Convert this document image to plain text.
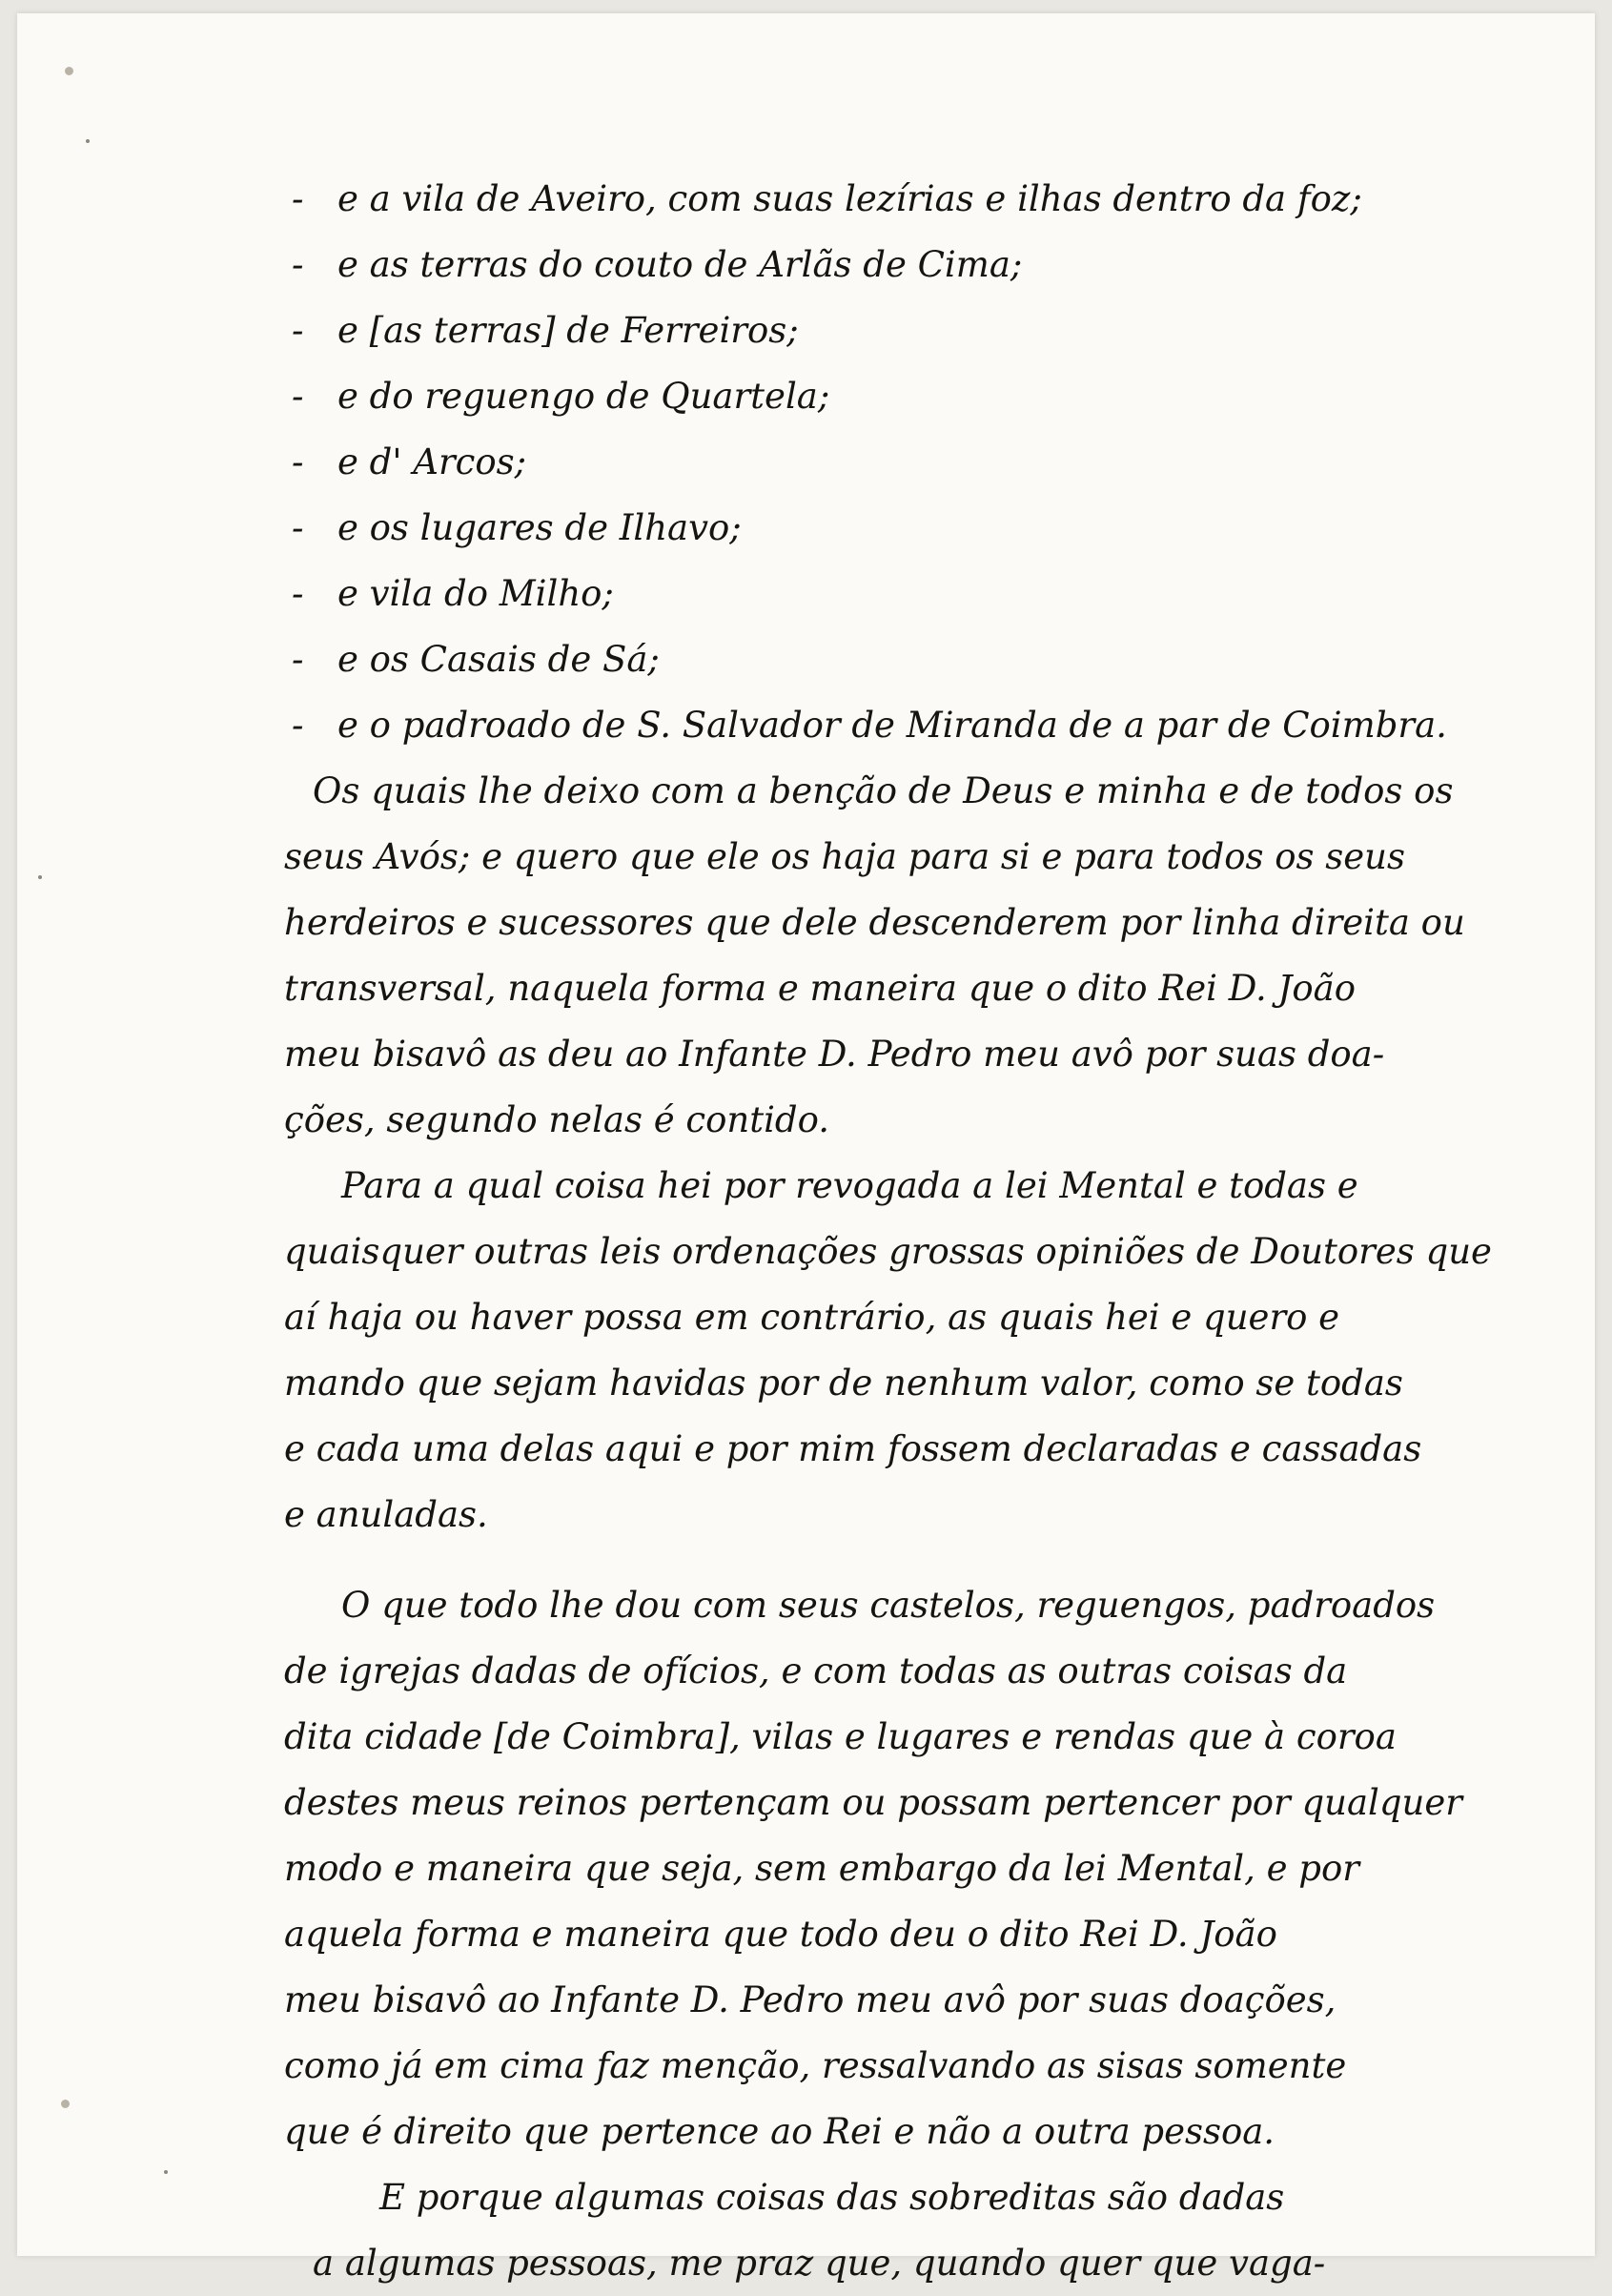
- e a vila de Aveiro, com suas lezírias e ilhas dentro da foz;
- e as terras do couto de Arlãs de Cima;
- e [as terras] de Ferreiros;
- e do reguengo de Quartela;
- e d' Arcos;
- e os lugares de Ilhavo;
- e vila do Milho;
- e os Casais de Sá;
- e o padroado de S. Salvador de Miranda de a par de Coimbra.
Os quais lhe deixo com a benção de Deus e minha e de todos os
seus Avós; e quero que ele os haja para si e para todos os seus
herdeiros e sucessores que dele descenderem por linha direita ou
transversal, naquela forma e maneira que o dito Rei D. João
meu bisavô as deu ao Infante D. Pedro meu avô por suas doa-
ções, segundo nelas é contido.
Para a qual coisa hei por revogada a lei Mental e todas e
quaisquer outras leis ordenações grossas opiniões de Doutores que
aí haja ou haver possa em contrário, as quais hei e quero e
mando que sejam havidas por de nenhum valor, como se todas
e cada uma delas aqui e por mim fossem declaradas e cassadas
e anuladas.
O que todo lhe dou com seus castelos, reguengos, padroados
de igrejas dadas de ofícios, e com todas as outras coisas da
dita cidade [de Coimbra], vilas e lugares e rendas que à coroa
destes meus reinos pertençam ou possam pertencer por qualquer
modo e maneira que seja, sem embargo da lei Mental, e por
aquela forma e maneira que todo deu o dito Rei D. João
meu bisavô ao Infante D. Pedro meu avô por suas doações,
como já em cima faz menção, ressalvando as sisas somente
que é direito que pertence ao Rei e não a outra pessoa.
E porque algumas coisas das sobreditas são dadas
a algumas pessoas, me praz que, quando quer que vaga-
